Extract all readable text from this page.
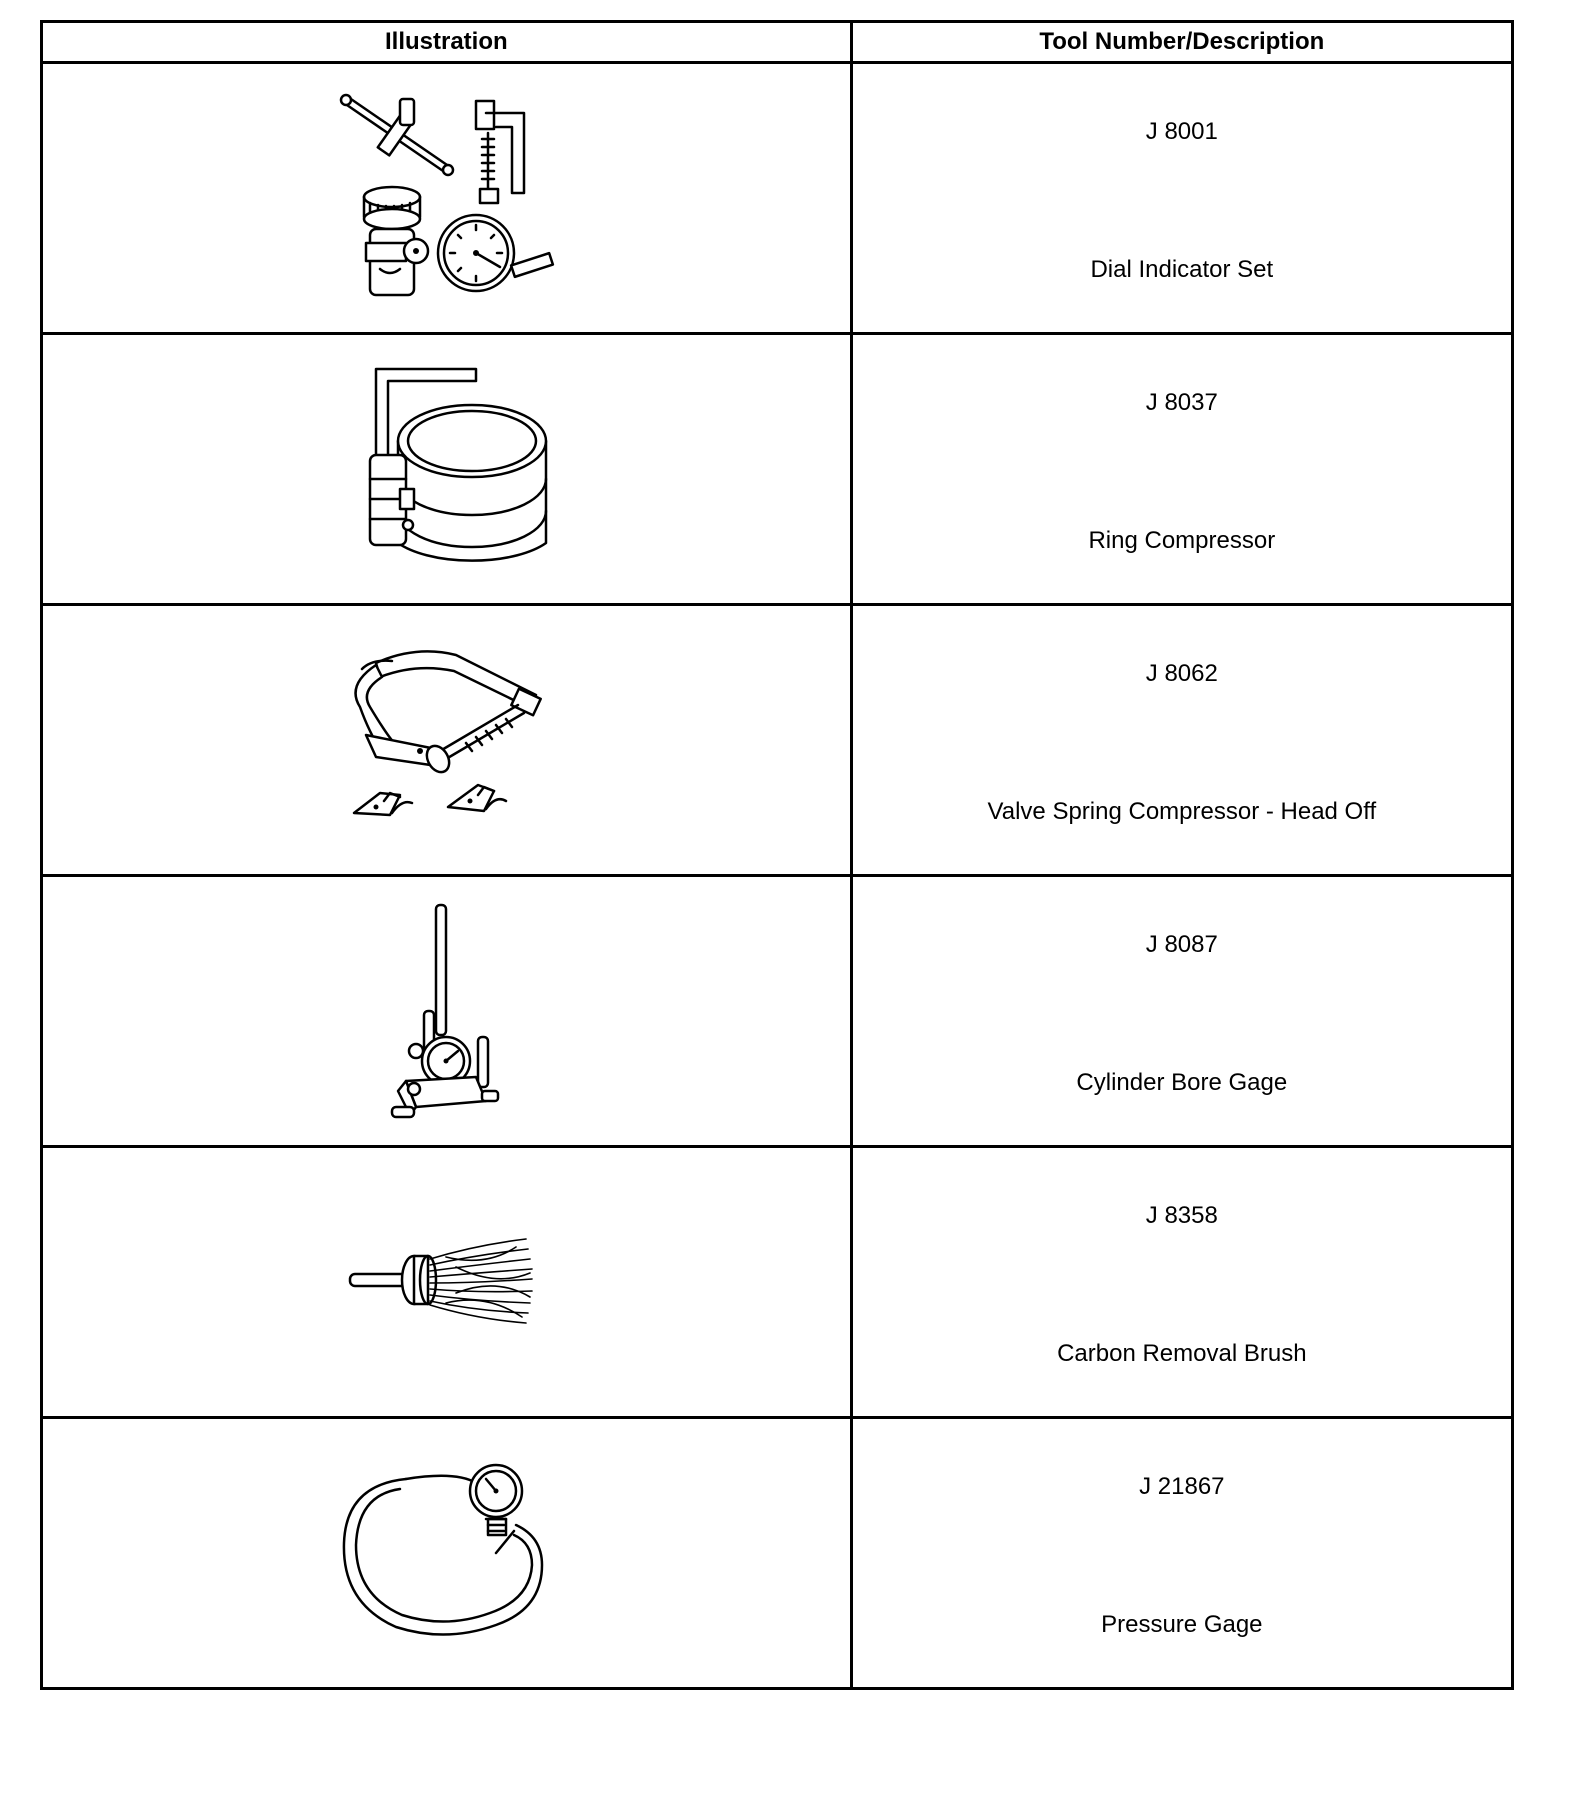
Illustration	Tool Number/Description

J 8001
Dial Indicator Set

J 8037
Ring Compressor

J 8062
Valve Spring Compressor - Head Off

J 8087
Cylinder Bore Gage

J 8358
Carbon Removal Brush

J 21867
Pressure Gage
